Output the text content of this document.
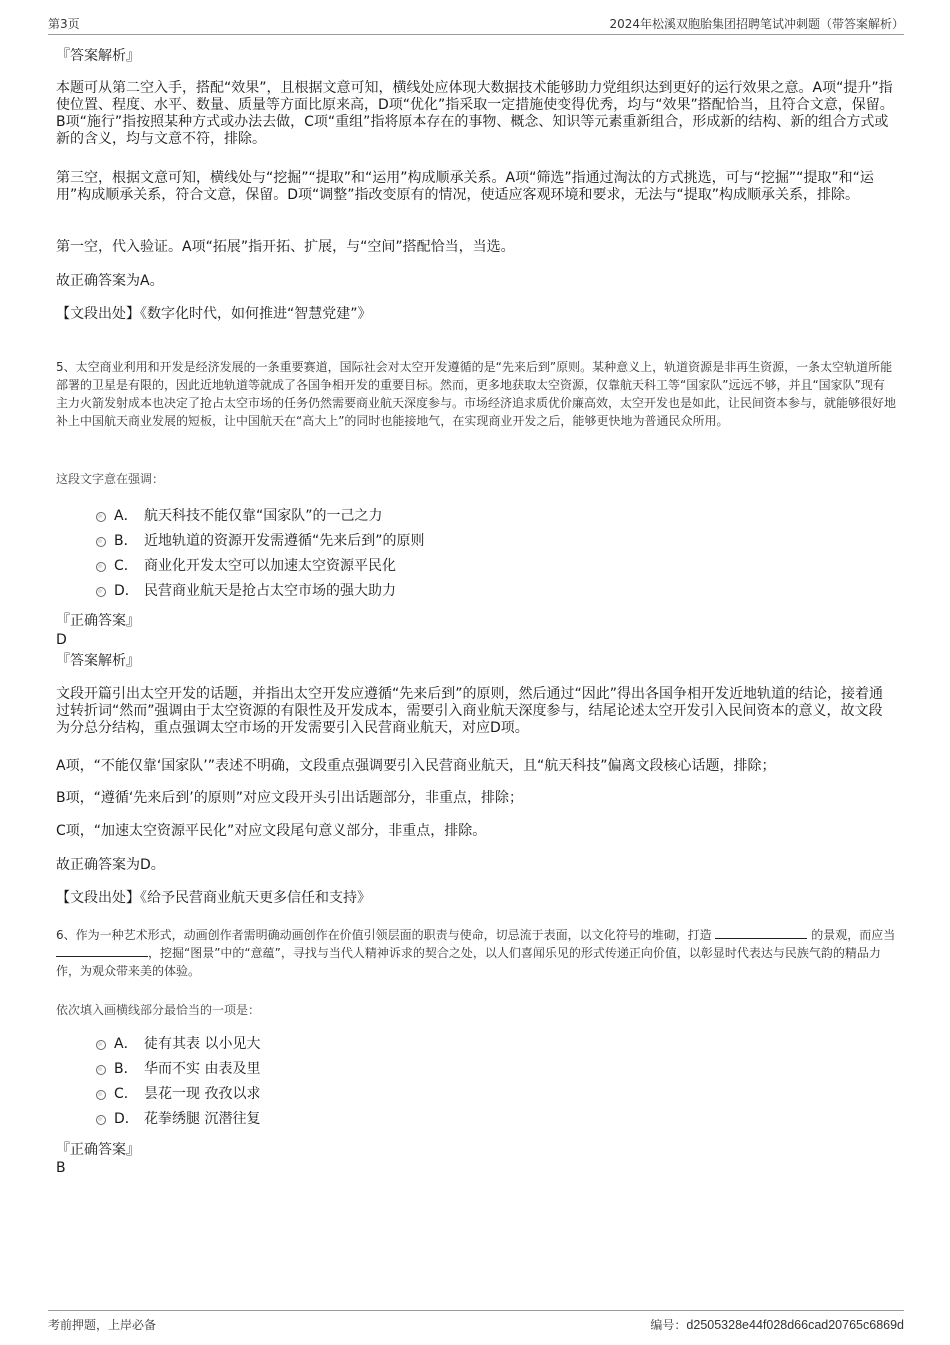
第3页	2024年松溪双胞胎集团招聘笔试冲刺题（带答案解析）
『答案解析』

本题可从第二空入手，搭配“效果”，且根据文意可知，横线处应体现大数据技术能够助力党组织达到更好的运行效果之意。A项“提升”指使位置、程度、水平、数量、质量等方面比原来高，D项“优化”指采取一定措施使变得优秀，均与“效果”搭配恰当，且符合文意，保留。B项“施行”指按照某种方式或办法去做，C项“重组”指将原本存在的事物、概念、知识等元素重新组合，形成新的结构、新的组合方式或新的含义，均与文意不符，排除。

第三空，根据文意可知，横线处与“挖掘”“提取”和“运用”构成顺承关系。A项“筛选”指通过淘汰的方式挑选，可与“挖掘”“提取”和“运用”构成顺承关系，符合文意，保留。D项“调整”指改变原有的情况，使适应客观环境和要求，无法与“提取”构成顺承关系，排除。

第一空，代入验证。A项“拓展”指开拓、扩展，与“空间”搭配恰当，当选。

故正确答案为A。

【文段出处】《数字化时代，如何推进“智慧党建”》

5、太空商业利用和开发是经济发展的一条重要赛道，国际社会对太空开发遵循的是“先来后到”原则。某种意义上，轨道资源是非再生资源，一条太空轨道所能部署的卫星是有限的，因此近地轨道等就成了各国争相开发的重要目标。然而，更多地获取太空资源，仅靠航天科工等“国家队”远远不够，并且“国家队”现有主力火箭发射成本也决定了抢占太空市场的任务仍然需要商业航天深度参与。市场经济追求质优价廉高效，太空开发也是如此，让民间资本参与，就能够很好地补上中国航天商业发展的短板，让中国航天在“高大上”的同时也能接地气，在实现商业开发之后，能够更快地为普通民众所用。

这段文字意在强调：
A． 航天科技不能仅靠“国家队”的一己之力
B． 近地轨道的资源开发需遵循“先来后到”的原则
C． 商业化开发太空可以加速太空资源平民化
D． 民营商业航天是抢占太空市场的强大助力
『正确答案』
D
『答案解析』

文段开篇引出太空开发的话题，并指出太空开发应遵循“先来后到”的原则，然后通过“因此”得出各国争相开发近地轨道的结论，接着通过转折词“然而”强调由于太空资源的有限性及开发成本，需要引入商业航天深度参与，结尾论述太空开发引入民间资本的意义，故文段为分总分结构，重点强调太空市场的开发需要引入民营商业航天，对应D项。

A项，“不能仅靠‘国家队’”表述不明确，文段重点强调要引入民营商业航天，且“航天科技”偏离文段核心话题，排除；

B项，“遵循‘先来后到’的原则”对应文段开头引出话题部分，非重点，排除；

C项，“加速太空资源平民化”对应文段尾句意义部分，非重点，排除。

故正确答案为D。

【文段出处】《给予民营商业航天更多信任和支持》

6、作为一种艺术形式，动画创作者需明确动画创作在价值引领层面的职责与使命，切忌流于表面，以文化符号的堆砌，打造	的景观，而应当 ，挖掘“图景”中的“意蕴”，寻找与当代人精神诉求的契合之处，以人们喜闻乐见的形式传递正向价值，以彰显时代表达与民族气韵的精品力作，为观众带来美的体验。

依次填入画横线部分最恰当的一项是：
A． 徒有其表 以小见大
B． 华而不实 由表及里
C． 昙花一现 孜孜以求
D． 花拳绣腿 沉潜往复
『正确答案』
B
考前押题，上岸必备	编号：d2505328e44f028d66cad20765c6869d
